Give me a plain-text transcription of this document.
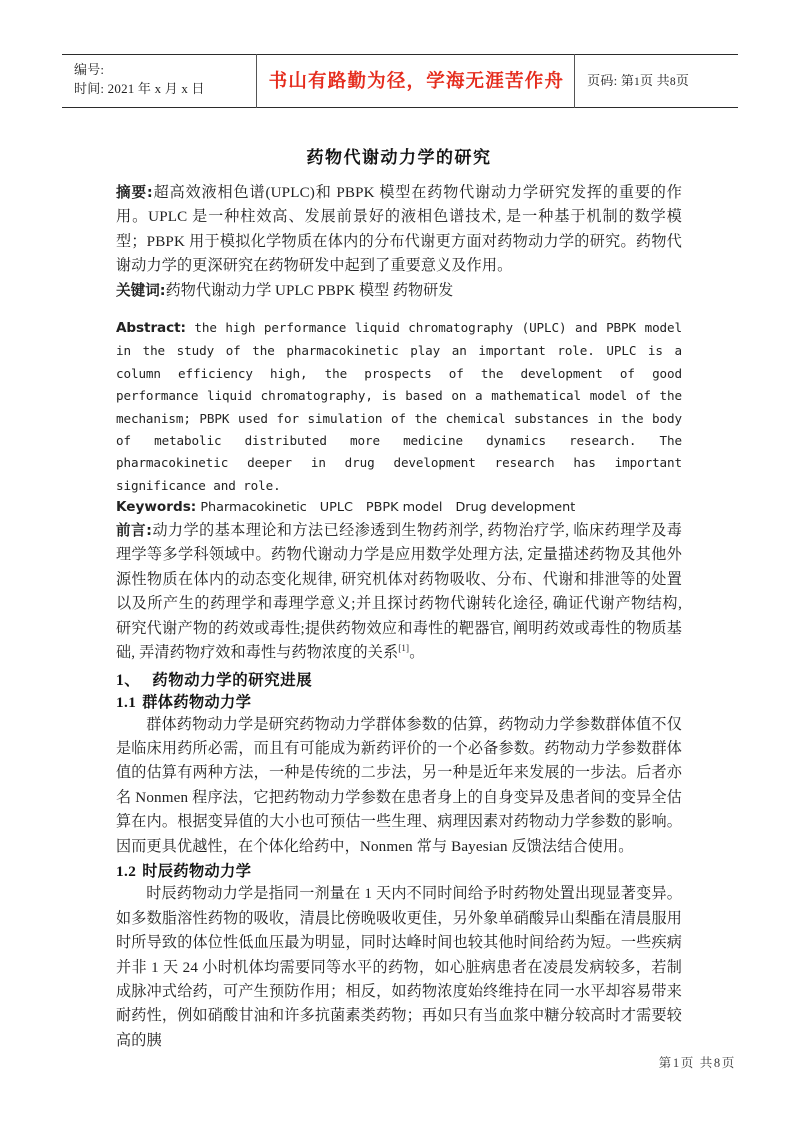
编号:
时间: 2021 年 x 月 x 日	书山有路勤为径，学海无涯苦作舟	页码: 第1页 共8页
药物代谢动力学的研究

摘要:超高效液相色谱(UPLC)和 PBPK 模型在药物代谢动力学研究发挥的重要的作用。UPLC 是一种柱效高、发展前景好的液相色谱技术, 是一种基于机制的数学模型；PBPK 用于模拟化学物质在体内的分布代谢更方面对药物动力学的研究。药物代谢动力学的更深研究在药物研发中起到了重要意义及作用。

关键词:药物代谢动力学 UPLC PBPK 模型 药物研发

Abstract: the high performance liquid chromatography (UPLC) and PBPK model in the study of the pharmacokinetic play an important role. UPLC is a column efficiency high, the prospects of the development of good performance liquid chromatography, is based on a mathematical model of the mechanism; PBPK used for simulation of the chemical substances in the body of metabolic distributed more medicine dynamics research. The pharmacokinetic deeper in drug development research has important significance and role.

Keywords: Pharmacokinetic UPLC PBPK model Drug development

前言:动力学的基本理论和方法已经渗透到生物药剂学, 药物治疗学, 临床药理学及毒理学等多学科领域中。药物代谢动力学是应用数学处理方法, 定量描述药物及其他外源性物质在体内的动态变化规律, 研究机体对药物吸收、分布、代谢和排泄等的处置以及所产生的药理学和毒理学意义;并且探讨药物代谢转化途径, 确证代谢产物结构, 研究代谢产物的药效或毒性;提供药物效应和毒性的靶器官, 阐明药效或毒性的物质基础, 弄清药物疗效和毒性与药物浓度的关系[1]。

1、 药物动力学的研究进展
1.1 群体药物动力学

群体药物动力学是研究药物动力学群体参数的估算，药物动力学参数群体值不仅是临床用药所必需，而且有可能成为新药评价的一个必备参数。药物动力学参数群体值的估算有两种方法，一种是传统的二步法，另一种是近年来发展的一步法。后者亦名 Nonmen 程序法，它把药物动力学参数在患者身上的自身变异及患者间的变异全估算在内。根据变异值的大小也可预估一些生理、病理因素对药物动力学参数的影响。因而更具优越性，在个体化给药中，Nonmen 常与 Bayesian 反馈法结合使用。

1.2 时辰药物动力学

时辰药物动力学是指同一剂量在 1 天内不同时间给予时药物处置出现显著变异。如多数脂溶性药物的吸收，清晨比傍晚吸收更佳，另外象单硝酸异山梨酯在清晨服用时所导致的体位性低血压最为明显，同时达峰时间也较其他时间给药为短。一些疾病并非 1 天 24 小时机体均需要同等水平的药物，如心脏病患者在凌晨发病较多，若制成脉冲式给药，可产生预防作用；相反，如药物浓度始终维持在同一水平却容易带来耐药性，例如硝酸甘油和许多抗菌素类药物；再如只有当血浆中糖分较高时才需要较高的胰

第1页 共8页
